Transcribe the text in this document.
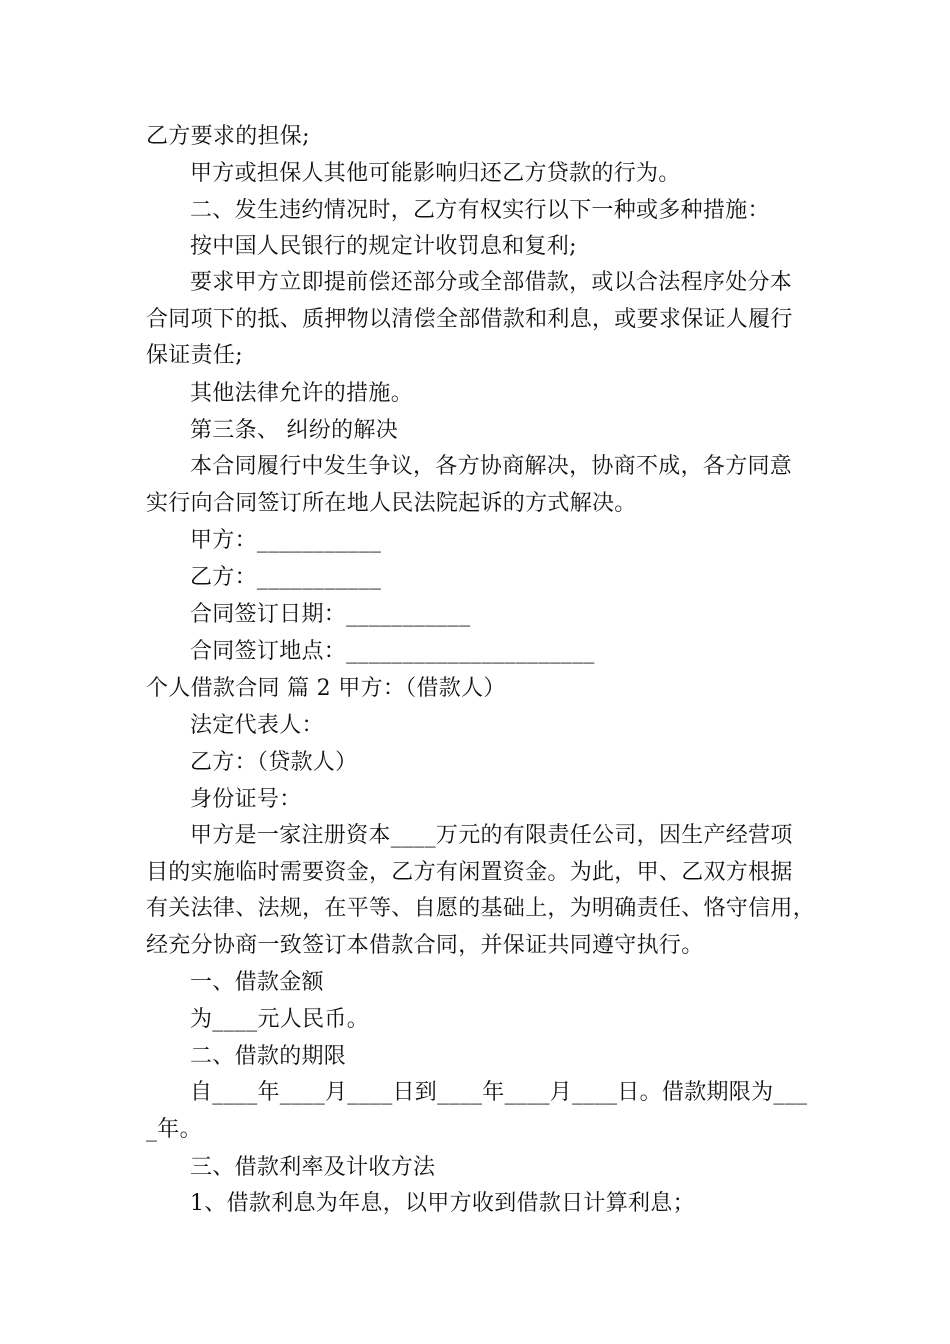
乙方要求的担保;
甲方或担保人其他可能影响归还乙方贷款的行为。
二、发生违约情况时，乙方有权实行以下一种或多种措施：
按中国人民银行的规定计收罚息和复利;
要求甲方立即提前偿还部分或全部借款，或以合法程序处分本
合同项下的抵、质押物以清偿全部借款和利息，或要求保证人履行
保证责任;
其他法律允许的措施。
第三条、 纠纷的解决
本合同履行中发生争议，各方协商解决，协商不成，各方同意
实行向合同签订所在地人民法院起诉的方式解决。
甲方：___________
乙方：___________
合同签订日期：___________
合同签订地点：______________________
个人借款合同 篇 2 甲方：（借款人）
法定代表人：
乙方：（贷款人）
身份证号：
甲方是一家注册资本____万元的有限责任公司，因生产经营项
目的实施临时需要资金，乙方有闲置资金。为此，甲、乙双方根据
有关法律、法规，在平等、自愿的基础上，为明确责任、恪守信用，
经充分协商一致签订本借款合同，并保证共同遵守执行。
一、借款金额
为____元人民币。
二、借款的期限
自____年____月____日到____年____月____日。借款期限为___
_年。
三、借款利率及计收方法
1、借款利息为年息，以甲方收到借款日计算利息；
